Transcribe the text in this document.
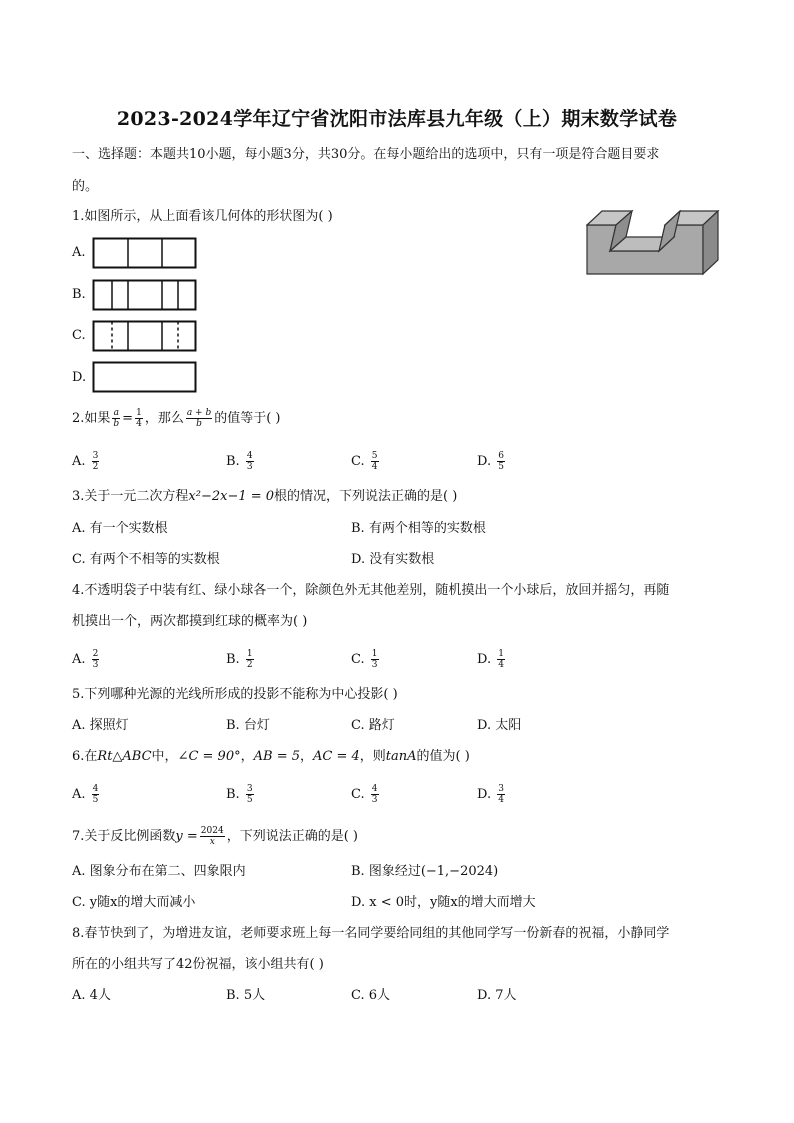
2023-2024学年辽宁省沈阳市法库县九年级（上）期末数学试卷
一、选择题：本题共10小题，每小题3分，共30分。在每小题给出的选项中，只有一项是符合题目要求
的。
1.如图所示，从上面看该几何体的形状图为( )
A.
B.
C.
D.
2.如果 $\frac{a}{b} = \frac{1}{4}$ ，那么 $\frac{a + b}{b}$ 的值等于( )
A. $\frac{3}{2}$	B. $\frac{4}{3}$	C. $\frac{5}{4}$	D. $\frac{6}{5}$
3.关于一元二次方程x²−2x−1 = 0根的情况，下列说法正确的是( )
A. 有一个实数根	B. 有两个相等的实数根
C. 有两个不相等的实数根	D. 没有实数根
4.不透明袋子中装有红、绿小球各一个，除颜色外无其他差别，随机摸出一个小球后，放回并摇匀，再随
机摸出一个，两次都摸到红球的概率为( )
A. $\frac{2}{3}$	B. $\frac{1}{2}$	C. $\frac{1}{3}$	D. $\frac{1}{4}$
5.下列哪种光源的光线所形成的投影不能称为中心投影( )
A. 探照灯	B. 台灯	C. 路灯	D. 太阳
6.在Rt△ABC中，∠C = 90°，AB = 5，AC = 4，则tanA的值为( )
A. $\frac{4}{5}$	B. $\frac{3}{5}$	C. $\frac{4}{3}$	D. $\frac{3}{4}$
7.关于反比例函数$y = \frac{2024}{x}$ ，下列说法正确的是( )
A. 图象分布在第二、四象限内	B. 图象经过(−1,−2024)
C. y随x的增大而减小	D. x < 0时，y随x的增大而增大
8.春节快到了，为增进友谊，老师要求班上每一名同学要给同组的其他同学写一份新春的祝福，小静同学
所在的小组共写了42份祝福，该小组共有( )
A. 4人	B. 5人	C. 6人	D. 7人
